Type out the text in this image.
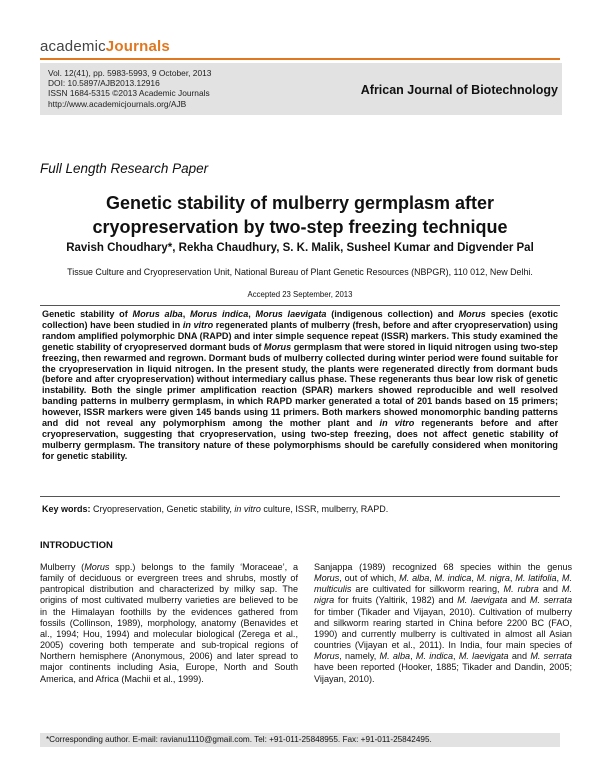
academicJournals
Vol. 12(41), pp. 5983-5993, 9 October, 2013
DOI: 10.5897/AJB2013.12916
ISSN 1684-5315 ©2013 Academic Journals
http://www.academicjournals.org/AJB
African Journal of Biotechnology
Full Length Research Paper
Genetic stability of mulberry germplasm after cryopreservation by two-step freezing technique
Ravish Choudhary*, Rekha Chaudhury, S. K. Malik, Susheel Kumar and Digvender Pal
Tissue Culture and Cryopreservation Unit, National Bureau of Plant Genetic Resources (NBPGR), 110 012, New Delhi.
Accepted 23 September, 2013
Genetic stability of Morus alba, Morus indica, Morus laevigata (indigenous collection) and Morus species (exotic collection) have been studied in in vitro regenerated plants of mulberry (fresh, before and after cryopreservation) using random amplified polymorphic DNA (RAPD) and inter simple sequence repeat (ISSR) markers. This study examined the genetic stability of cryopreserved dormant buds of Morus germplasm that were stored in liquid nitrogen using two-step freezing, then rewarmed and regrown. Dormant buds of mulberry collected during winter period were found suitable for the cryopreservation in liquid nitrogen. In the present study, the plants were regenerated directly from dormant buds (before and after cryopreservation) without intermediary callus phase. These regenerants thus bear low risk of genetic instability. Both the single primer amplification reaction (SPAR) markers showed reproducible and well resolved banding patterns in mulberry germplasm, in which RAPD marker generated a total of 201 bands based on 15 primers; however, ISSR markers were given 145 bands using 11 primers. Both markers showed monomorphic banding patterns and did not reveal any polymorphism among the mother plant and in vitro regenerants before and after cryopreservation, suggesting that cryopreservation, using two-step freezing, does not affect genetic stability of mulberry germplasm. The transitory nature of these polymorphisms should be carefully considered when monitoring for genetic stability.
Key words: Cryopreservation, Genetic stability, in vitro culture, ISSR, mulberry, RAPD.
INTRODUCTION
Mulberry (Morus spp.) belongs to the family ‘Moraceae’, a family of deciduous or evergreen trees and shrubs, mostly of pantropical distribution and characterized by milky sap. The origins of most cultivated mulberry varieties are believed to be in the Himalayan foothills by the evidences gathered from fossils (Collinson, 1989), morphology, anatomy (Benavides et al., 1994; Hou, 1994) and molecular biological (Zerega et al., 2005) covering both temperate and sub-tropical regions of Northern hemisphere (Anonymous, 2006) and later spread to major continents including Asia, Europe, North and South America, and Africa (Machii et al., 1999).
Sanjappa (1989) recognized 68 species within the genus Morus, out of which, M. alba, M. indica, M. nigra, M. latifolia, M. multiculis are cultivated for silkworm rearing, M. rubra and M. nigra for fruits (Yaltirik, 1982) and M. laevigata and M. serrata for timber (Tikader and Vijayan, 2010). Cultivation of mulberry and silkworm rearing started in China before 2200 BC (FAO, 1990) and currently mulberry is cultivated in almost all Asian countries (Vijayan et al., 2011). In India, four main species of Morus, namely, M. alba, M. indica, M. laevigata and M. serrata have been reported (Hooker, 1885; Tikader and Dandin, 2005; Vijayan, 2010).
*Corresponding author. E-mail: ravianu1110@gmail.com. Tel: +91-011-25848955. Fax: +91-011-25842495.
